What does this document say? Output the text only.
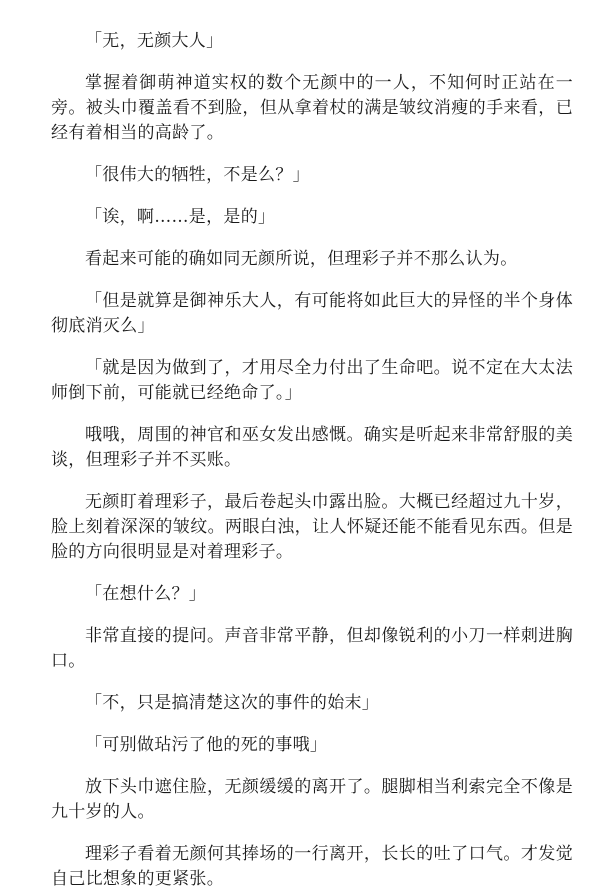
「无，无颜大人」

掌握着御萌神道实权的数个无颜中的一人，不知何时正站在一旁。被头巾覆盖看不到脸，但从拿着杖的满是皱纹消瘦的手来看，已经有着相当的高龄了。

「很伟大的牺牲，不是么？」

「诶，啊……是，是的」

看起来可能的确如同无颜所说，但理彩子并不那么认为。

「但是就算是御神乐大人，有可能将如此巨大的异怪的半个身体彻底消灭么」

「就是因为做到了，才用尽全力付出了生命吧。说不定在大太法师倒下前，可能就已经绝命了。」

哦哦，周围的神官和巫女发出感慨。确实是听起来非常舒服的美谈，但理彩子并不买账。

无颜盯着理彩子，最后卷起头巾露出脸。大概已经超过九十岁，脸上刻着深深的皱纹。两眼白浊，让人怀疑还能不能看见东西。但是脸的方向很明显是对着理彩子。

「在想什么？」

非常直接的提问。声音非常平静，但却像锐利的小刀一样刺进胸口。

「不，只是搞清楚这次的事件的始末」

「可别做玷污了他的死的事哦」

放下头巾遮住脸，无颜缓缓的离开了。腿脚相当利索完全不像是九十岁的人。

理彩子看着无颜何其捧场的一行离开，长长的吐了口气。才发觉自己比想象的更紧张。
